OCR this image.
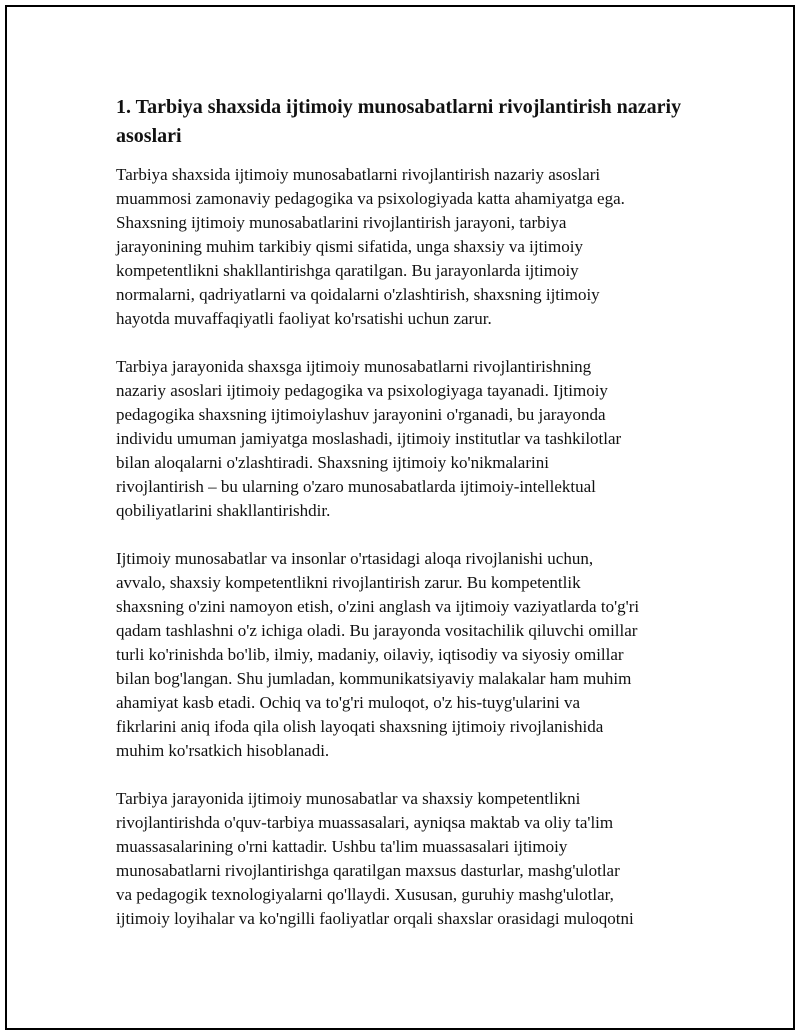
1. Tarbiya shaxsida ijtimoiy munosabatlarni rivojlantirish nazariy asoslari

Tarbiya shaxsida ijtimoiy munosabatlarni rivojlantirish nazariy asoslari
muammosi zamonaviy pedagogika va psixologiyada katta ahamiyatga ega.
Shaxsning ijtimoiy munosabatlarini rivojlantirish jarayoni, tarbiya
jarayonining muhim tarkibiy qismi sifatida, unga shaxsiy va ijtimoiy
kompetentlikni shakllantirishga qaratilgan. Bu jarayonlarda ijtimoiy
normalarni, qadriyatlarni va qoidalarni o'zlashtirish, shaxsning ijtimoiy
hayotda muvaffaqiyatli faoliyat ko'rsatishi uchun zarur.

Tarbiya jarayonida shaxsga ijtimoiy munosabatlarni rivojlantirishning
nazariy asoslari ijtimoiy pedagogika va psixologiyaga tayanadi. Ijtimoiy
pedagogika shaxsning ijtimoiylashuv jarayonini o'rganadi, bu jarayonda
individu umuman jamiyatga moslashadi, ijtimoiy institutlar va tashkilotlar
bilan aloqalarni o'zlashtiradi. Shaxsning ijtimoiy ko'nikmalarini
rivojlantirish – bu ularning o'zaro munosabatlarda ijtimoiy-intellektual
qobiliyatlarini shakllantirishdir.

Ijtimoiy munosabatlar va insonlar o'rtasidagi aloqa rivojlanishi uchun,
avvalo, shaxsiy kompetentlikni rivojlantirish zarur. Bu kompetentlik
shaxsning o'zini namoyon etish, o'zini anglash va ijtimoiy vaziyatlarda to'g'ri
qadam tashlashni o'z ichiga oladi. Bu jarayonda vositachilik qiluvchi omillar
turli ko'rinishda bo'lib, ilmiy, madaniy, oilaviy, iqtisodiy va siyosiy omillar
bilan bog'langan. Shu jumladan, kommunikatsiyaviy malakalar ham muhim
ahamiyat kasb etadi. Ochiq va to'g'ri muloqot, o'z his-tuyg'ularini va
fikrlarini aniq ifoda qila olish layoqati shaxsning ijtimoiy rivojlanishida
muhim ko'rsatkich hisoblanadi.

Tarbiya jarayonida ijtimoiy munosabatlar va shaxsiy kompetentlikni
rivojlantirishda o'quv-tarbiya muassasalari, ayniqsa maktab va oliy ta'lim
muassasalarining o'rni kattadir. Ushbu ta'lim muassasalari ijtimoiy
munosabatlarni rivojlantirishga qaratilgan maxsus dasturlar, mashg'ulotlar
va pedagogik texnologiyalarni qo'llaydi. Xususan, guruhiy mashg'ulotlar,
ijtimoiy loyihalar va ko'ngilli faoliyatlar orqali shaxslar orasidagi muloqotni
